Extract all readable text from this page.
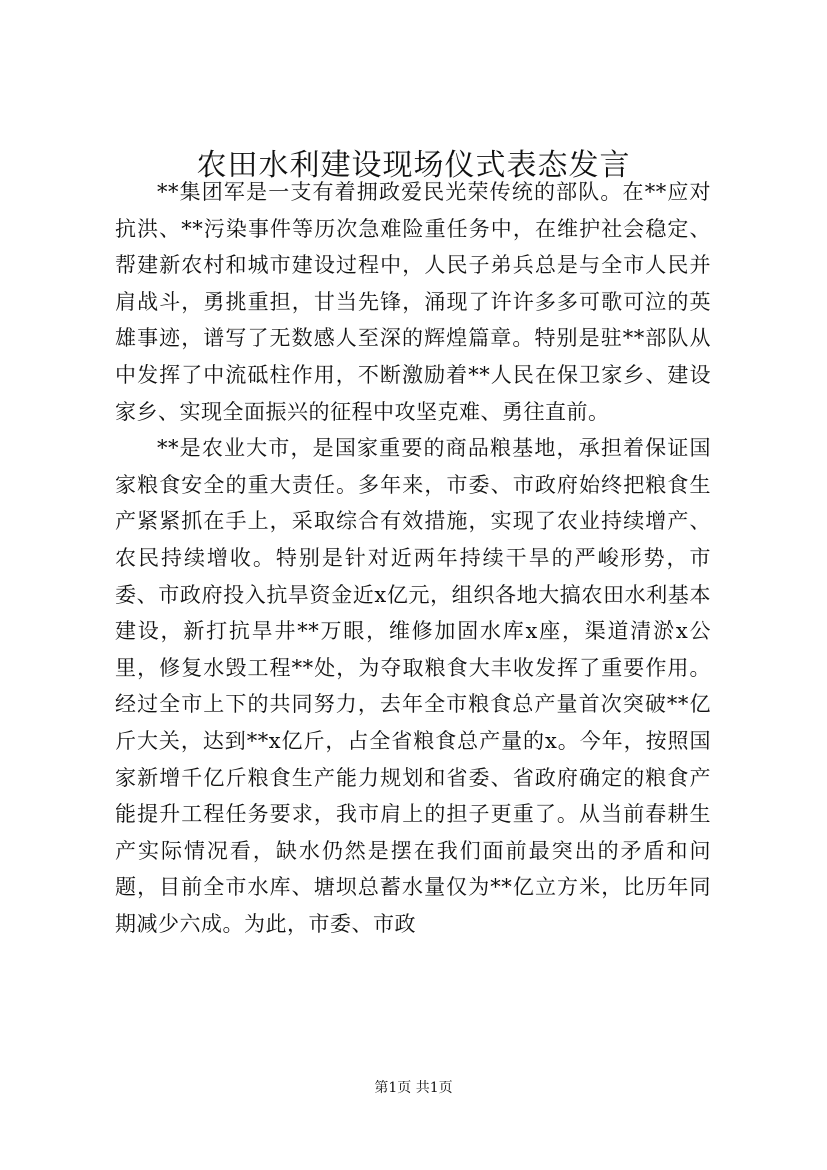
农田水利建设现场仪式表态发言

**集团军是一支有着拥政爱民光荣传统的部队。在**应对抗洪、**污染事件等历次急难险重任务中，在维护社会稳定、帮建新农村和城市建设过程中，人民子弟兵总是与全市人民并肩战斗，勇挑重担，甘当先锋，涌现了许许多多可歌可泣的英雄事迹，谱写了无数感人至深的辉煌篇章。特别是驻**部队从中发挥了中流砥柱作用，不断激励着**人民在保卫家乡、建设家乡、实现全面振兴的征程中攻坚克难、勇往直前。

**是农业大市，是国家重要的商品粮基地，承担着保证国家粮食安全的重大责任。多年来，市委、市政府始终把粮食生产紧紧抓在手上，采取综合有效措施，实现了农业持续增产、农民持续增收。特别是针对近两年持续干旱的严峻形势，市委、市政府投入抗旱资金近x亿元，组织各地大搞农田水利基本建设，新打抗旱井**万眼，维修加固水库x座，渠道清淤x公里，修复水毁工程**处，为夺取粮食大丰收发挥了重要作用。经过全市上下的共同努力，去年全市粮食总产量首次突破**亿斤大关，达到**x亿斤，占全省粮食总产量的x。今年，按照国家新增千亿斤粮食生产能力规划和省委、省政府确定的粮食产能提升工程任务要求，我市肩上的担子更重了。从当前春耕生产实际情况看，缺水仍然是摆在我们面前最突出的矛盾和问题，目前全市水库、塘坝总蓄水量仅为**亿立方米，比历年同期减少六成。为此，市委、市政

第1页 共1页
